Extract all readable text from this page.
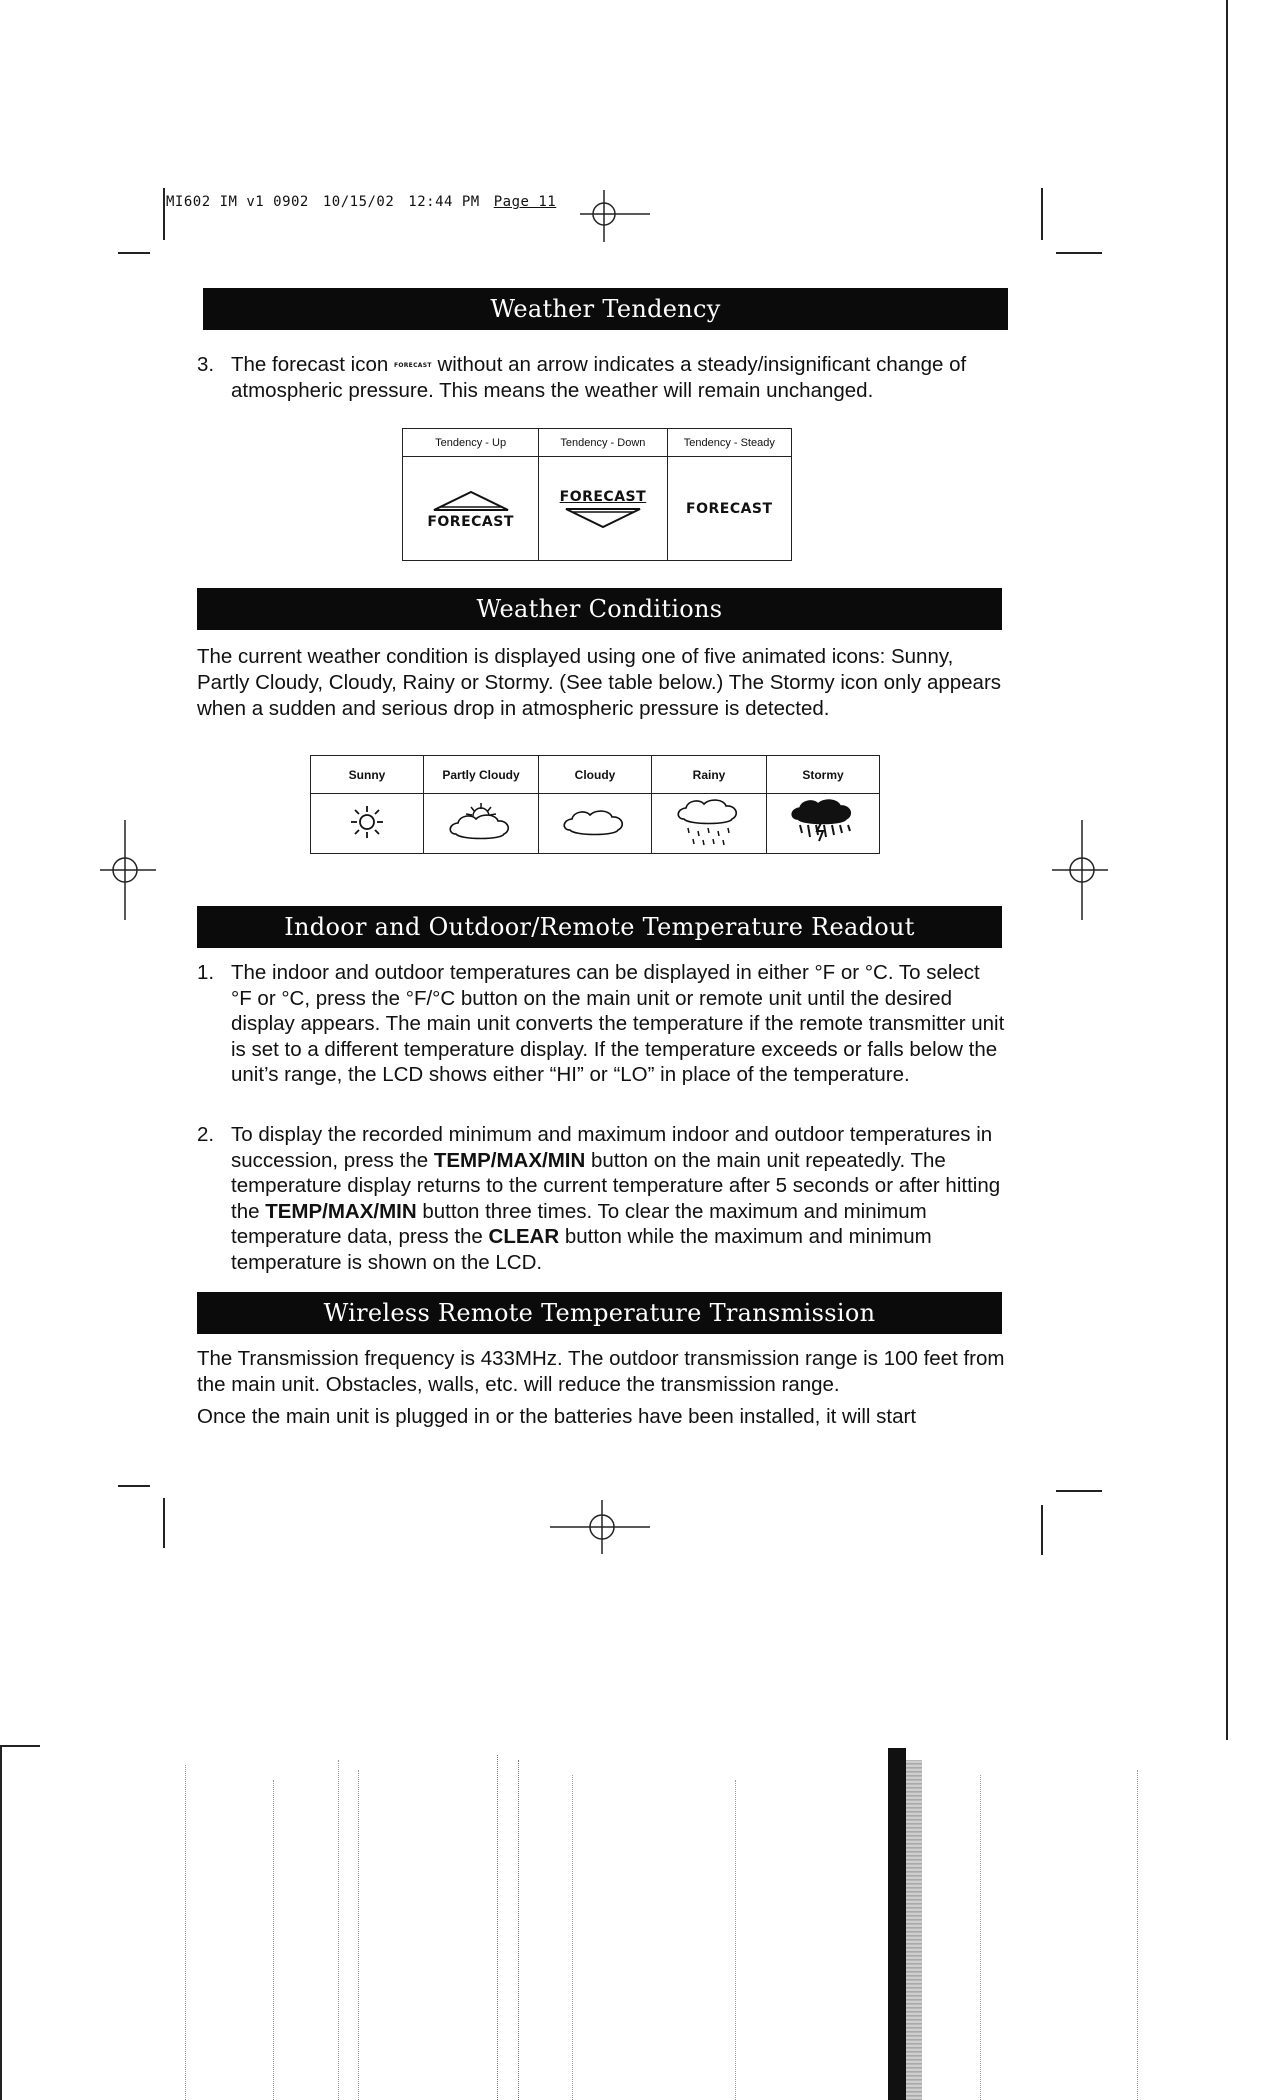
MI602 IM v1 0902 10/15/02 12:44 PM Page 11
Weather Tendency
3. The forecast icon FORECAST without an arrow indicates a steady/insignificant change of atmospheric pressure. This means the weather will remain unchanged.
Tendency - Up	Tendency - Down	Tendency - Steady

FORECAST	FORECAST	FORECAST
Weather Conditions
The current weather condition is displayed using one of five animated icons: Sunny, Partly Cloudy, Cloudy, Rainy or Stormy. (See table below.) The Stormy icon only appears when a sudden and serious drop in atmospheric pressure is detected.
Sunny	Partly Cloudy	Cloudy	Rainy	Stormy

Indoor and Outdoor/Remote Temperature Readout
1. The indoor and outdoor temperatures can be displayed in either °F or °C. To select °F or °C, press the °F/°C button on the main unit or remote unit until the desired display appears. The main unit converts the temperature if the remote transmitter unit is set to a different temperature display. If the temperature exceeds or falls below the unit’s range, the LCD shows either “HI” or “LO” in place of the temperature.
2. To display the recorded minimum and maximum indoor and outdoor temperatures in succession, press the TEMP/MAX/MIN button on the main unit repeatedly. The temperature display returns to the current temperature after 5 seconds or after hitting the TEMP/MAX/MIN button three times. To clear the maximum and minimum temperature data, press the CLEAR button while the maximum and minimum temperature is shown on the LCD.
Wireless Remote Temperature Transmission
The Transmission frequency is 433MHz. The outdoor transmission range is 100 feet from the main unit. Obstacles, walls, etc. will reduce the transmission range.
Once the main unit is plugged in or the batteries have been installed, it will start
